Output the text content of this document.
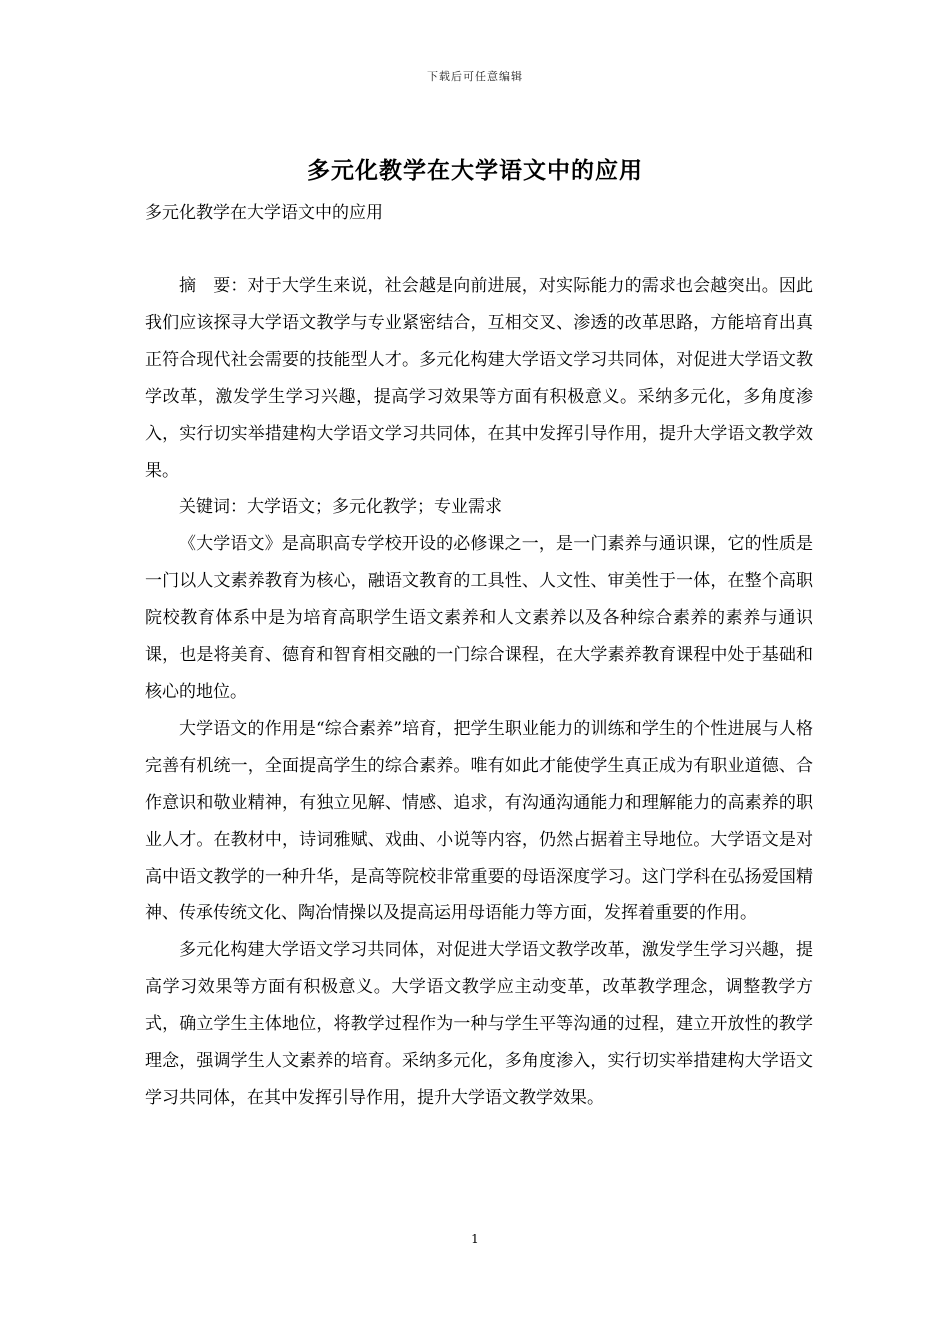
下载后可任意编辑
多元化教学在大学语文中的应用
多元化教学在大学语文中的应用

摘　要：对于大学生来说，社会越是向前进展，对实际能力的需求也会越突出。因此我们应该探寻大学语文教学与专业紧密结合，互相交叉、渗透的改革思路，方能培育出真正符合现代社会需要的技能型人才。多元化构建大学语文学习共同体，对促进大学语文教学改革，激发学生学习兴趣，提高学习效果等方面有积极意义。采纳多元化，多角度渗入，实行切实举措建构大学语文学习共同体，在其中发挥引导作用，提升大学语文教学效果。

关键词：大学语文；多元化教学；专业需求

《大学语文》是高职高专学校开设的必修课之一，是一门素养与通识课，它的性质是一门以人文素养教育为核心，融语文教育的工具性、人文性、审美性于一体，在整个高职院校教育体系中是为培育高职学生语文素养和人文素养以及各种综合素养的素养与通识课，也是将美育、德育和智育相交融的一门综合课程，在大学素养教育课程中处于基础和核心的地位。

大学语文的作用是“综合素养”培育，把学生职业能力的训练和学生的个性进展与人格完善有机统一，全面提高学生的综合素养。唯有如此才能使学生真正成为有职业道德、合作意识和敬业精神，有独立见解、情感、追求，有沟通沟通能力和理解能力的高素养的职业人才。在教材中，诗词雅赋、戏曲、小说等内容，仍然占据着主导地位。大学语文是对高中语文教学的一种升华，是高等院校非常重要的母语深度学习。这门学科在弘扬爱国精神、传承传统文化、陶冶情操以及提高运用母语能力等方面，发挥着重要的作用。

多元化构建大学语文学习共同体，对促进大学语文教学改革，激发学生学习兴趣，提高学习效果等方面有积极意义。大学语文教学应主动变革，改革教学理念，调整教学方式，确立学生主体地位，将教学过程作为一种与学生平等沟通的过程，建立开放性的教学理念，强调学生人文素养的培育。采纳多元化，多角度渗入，实行切实举措建构大学语文学习共同体，在其中发挥引导作用，提升大学语文教学效果。

1
